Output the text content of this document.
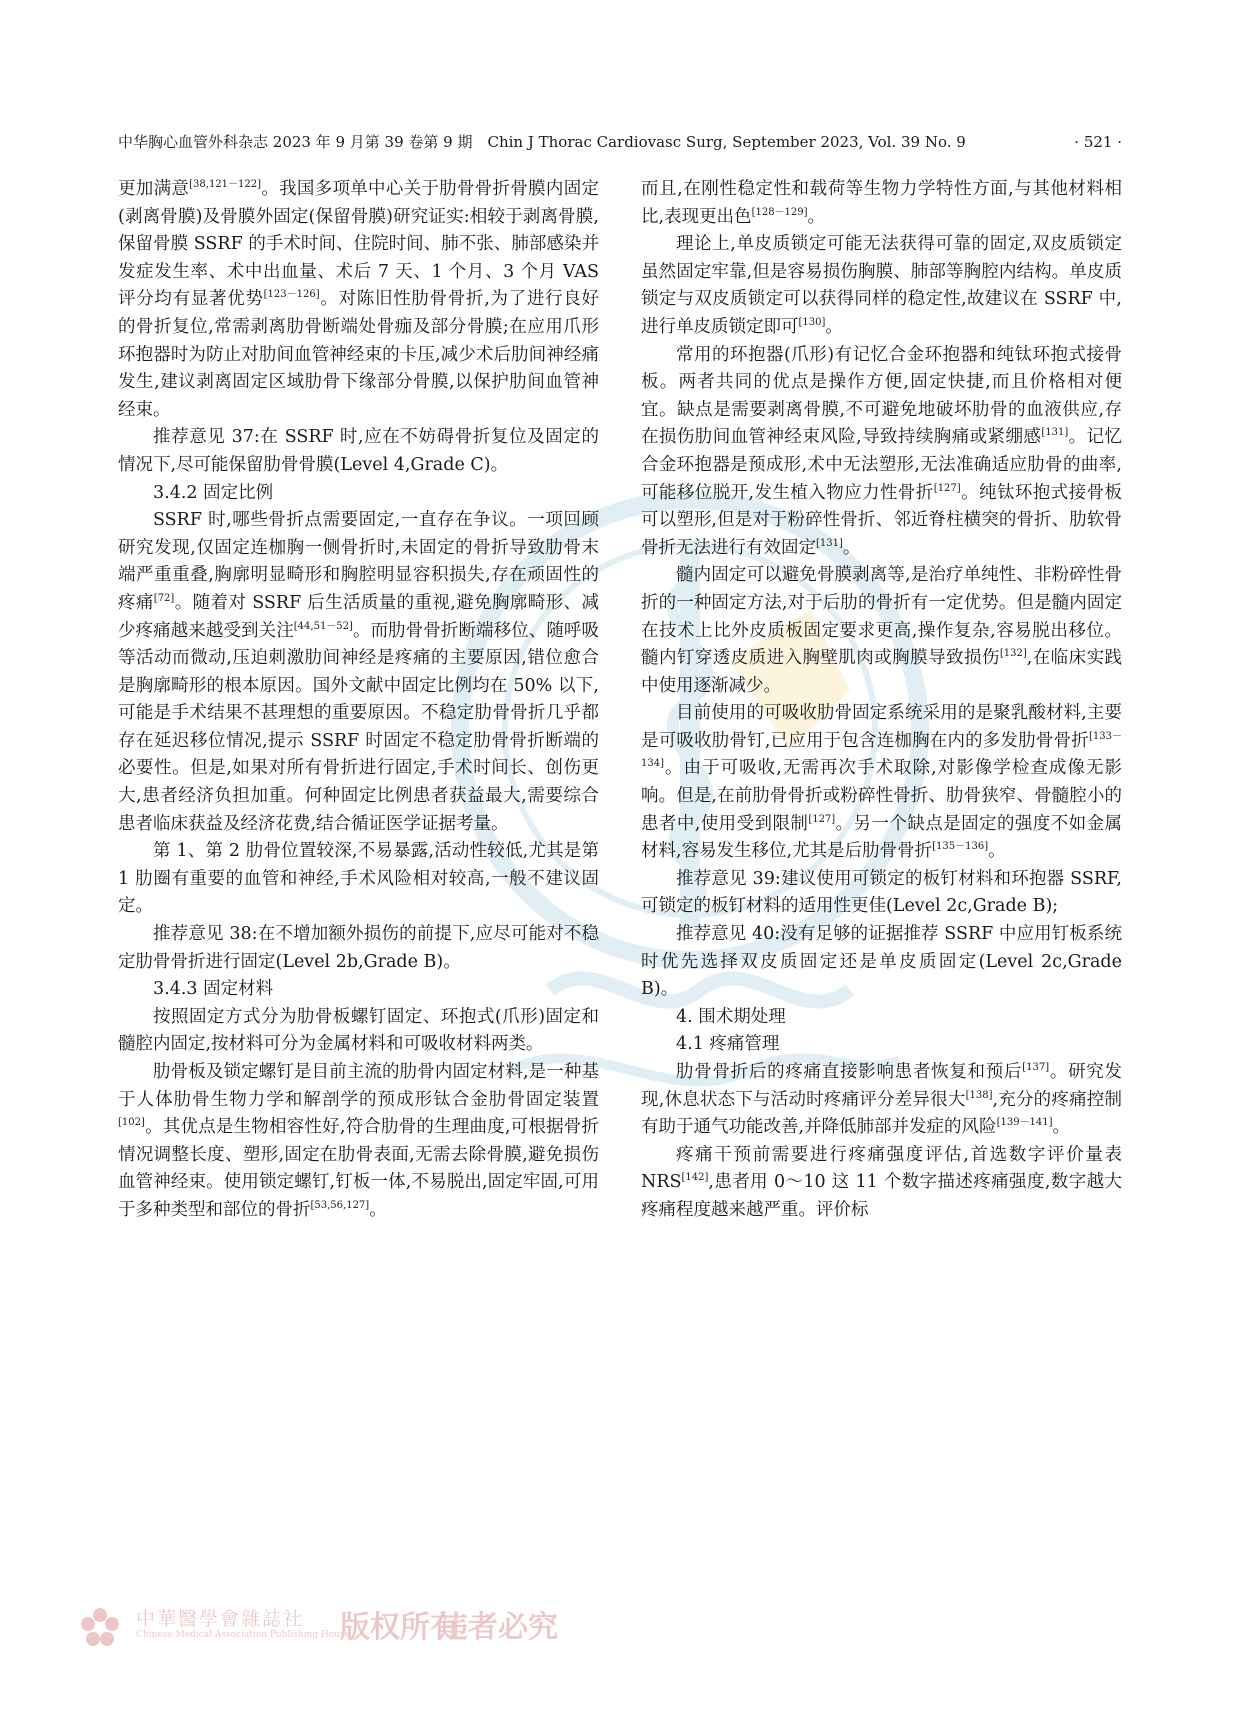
中华胸心血管外科杂志 2023 年 9 月第 39 卷第 9 期　Chin J Thorac Cardiovasc Surg, September 2023, Vol. 39 No. 9	· 521 ·

更加满意[38,121－122]。我国多项单中心关于肋骨骨折骨膜内固定(剥离骨膜)及骨膜外固定(保留骨膜)研究证实:相较于剥离骨膜,保留骨膜 SSRF 的手术时间、住院时间、肺不张、肺部感染并发症发生率、术中出血量、术后 7 天、1 个月、3 个月 VAS 评分均有显著优势[123－126]。对陈旧性肋骨骨折,为了进行良好的骨折复位,常需剥离肋骨断端处骨痂及部分骨膜;在应用爪形环抱器时为防止对肋间血管神经束的卡压,减少术后肋间神经痛发生,建议剥离固定区域肋骨下缘部分骨膜,以保护肋间血管神经束。

推荐意见 37:在 SSRF 时,应在不妨碍骨折复位及固定的情况下,尽可能保留肋骨骨膜(Level 4,Grade C)。

3.4.2 固定比例

SSRF 时,哪些骨折点需要固定,一直存在争议。一项回顾研究发现,仅固定连枷胸一侧骨折时,未固定的骨折导致肋骨末端严重重叠,胸廓明显畸形和胸腔明显容积损失,存在顽固性的疼痛[72]。随着对 SSRF 后生活质量的重视,避免胸廓畸形、减少疼痛越来越受到关注[44,51－52]。而肋骨骨折断端移位、随呼吸等活动而微动,压迫刺激肋间神经是疼痛的主要原因,错位愈合是胸廓畸形的根本原因。国外文献中固定比例均在 50% 以下,可能是手术结果不甚理想的重要原因。不稳定肋骨骨折几乎都存在延迟移位情况,提示 SSRF 时固定不稳定肋骨骨折断端的必要性。但是,如果对所有骨折进行固定,手术时间长、创伤更大,患者经济负担加重。何种固定比例患者获益最大,需要综合患者临床获益及经济花费,结合循证医学证据考量。

第 1、第 2 肋骨位置较深,不易暴露,活动性较低,尤其是第 1 肋圈有重要的血管和神经,手术风险相对较高,一般不建议固定。

推荐意见 38:在不增加额外损伤的前提下,应尽可能对不稳定肋骨骨折进行固定(Level 2b,Grade B)。

3.4.3 固定材料

按照固定方式分为肋骨板螺钉固定、环抱式(爪形)固定和髓腔内固定,按材料可分为金属材料和可吸收材料两类。

肋骨板及锁定螺钉是目前主流的肋骨内固定材料,是一种基于人体肋骨生物力学和解剖学的预成形钛合金肋骨固定装置[102]。其优点是生物相容性好,符合肋骨的生理曲度,可根据骨折情况调整长度、塑形,固定在肋骨表面,无需去除骨膜,避免损伤血管神经束。使用锁定螺钉,钉板一体,不易脱出,固定牢固,可用于多种类型和部位的骨折[53,56,127]。

而且,在刚性稳定性和载荷等生物力学特性方面,与其他材料相比,表现更出色[128－129]。

理论上,单皮质锁定可能无法获得可靠的固定,双皮质锁定虽然固定牢靠,但是容易损伤胸膜、肺部等胸腔内结构。单皮质锁定与双皮质锁定可以获得同样的稳定性,故建议在 SSRF 中,进行单皮质锁定即可[130]。

常用的环抱器(爪形)有记忆合金环抱器和纯钛环抱式接骨板。两者共同的优点是操作方便,固定快捷,而且价格相对便宜。缺点是需要剥离骨膜,不可避免地破坏肋骨的血液供应,存在损伤肋间血管神经束风险,导致持续胸痛或紧绷感[131]。记忆合金环抱器是预成形,术中无法塑形,无法准确适应肋骨的曲率,可能移位脱开,发生植入物应力性骨折[127]。纯钛环抱式接骨板可以塑形,但是对于粉碎性骨折、邻近脊柱横突的骨折、肋软骨骨折无法进行有效固定[131]。

髓内固定可以避免骨膜剥离等,是治疗单纯性、非粉碎性骨折的一种固定方法,对于后肋的骨折有一定优势。但是髓内固定在技术上比外皮质板固定要求更高,操作复杂,容易脱出移位。髓内钉穿透皮质进入胸壁肌肉或胸膜导致损伤[132],在临床实践中使用逐渐减少。

目前使用的可吸收肋骨固定系统采用的是聚乳酸材料,主要是可吸收肋骨钉,已应用于包含连枷胸在内的多发肋骨骨折[133－134]。由于可吸收,无需再次手术取除,对影像学检查成像无影响。但是,在前肋骨骨折或粉碎性骨折、肋骨狭窄、骨髓腔小的患者中,使用受到限制[127]。另一个缺点是固定的强度不如金属材料,容易发生移位,尤其是后肋骨骨折[135－136]。

推荐意见 39:建议使用可锁定的板钉材料和环抱器 SSRF,可锁定的板钉材料的适用性更佳(Level 2c,Grade B);

推荐意见 40:没有足够的证据推荐 SSRF 中应用钉板系统时优先选择双皮质固定还是单皮质固定(Level 2c,Grade B)。

4. 围术期处理

4.1 疼痛管理

肋骨骨折后的疼痛直接影响患者恢复和预后[137]。研究发现,休息状态下与活动时疼痛评分差异很大[138],充分的疼痛控制有助于通气功能改善,并降低肺部并发症的风险[139－141]。

疼痛干预前需要进行疼痛强度评估,首选数字评价量表 NRS[142],患者用 0～10 这 11 个数字描述疼痛强度,数字越大疼痛程度越来越严重。评价标

中華醫學會雜誌社
Chinese Medical Association Publishing House
版权所有
违者必究
